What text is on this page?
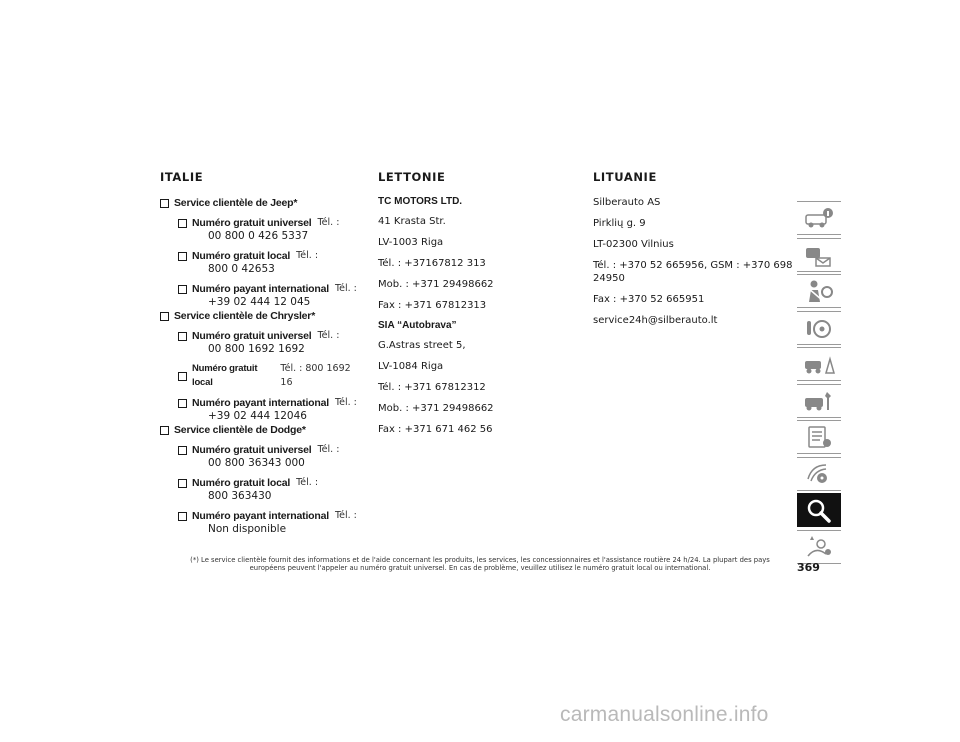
ITALIE
Service clientèle de Jeep*
Numéro gratuit universel Tél. :
00 800 0 426 5337
Numéro gratuit local Tél. :
800 0 42653
Numéro payant international Tél. :
+39 02 444 12 045
Service clientèle de Chrysler*
Numéro gratuit universel Tél. :
00 800 1692 1692
Numéro gratuit local
Tél. : 800 1692 16
Numéro payant international Tél. :
+39 02 444 12046
Service clientèle de Dodge*
Numéro gratuit universel Tél. :
00 800 36343 000
Numéro gratuit local Tél. :
800 363430
Numéro payant international Tél. :
Non disponible
LETTONIE
TC MOTORS LTD.
41 Krasta Str.
LV-1003 Riga
Tél. : +37167812 313
Mob. : +371 29498662
Fax : +371 67812313
SIA “Autobrava”
G.Astras street 5,
LV-1084 Riga
Tél. : +371 67812312
Mob. : +371 29498662
Fax : +371 671 462 56
LITUANIE
Silberauto AS
Pirklių g. 9
LT-02300 Vilnius
Tél. : +370 52 665956, GSM : +370 698 24950
Fax : +370 52 665951
service24h@silberauto.lt
(*) Le service clientèle fournit des informations et de l'aide concernant les produits, les services, les concessionnaires et l'assistance routière 24 h/24. La plupart des pays européens peuvent l'appeler au numéro gratuit universel. En cas de problème, veuillez utilisez le numéro gratuit local ou international.	369
carmanualsonline.info
